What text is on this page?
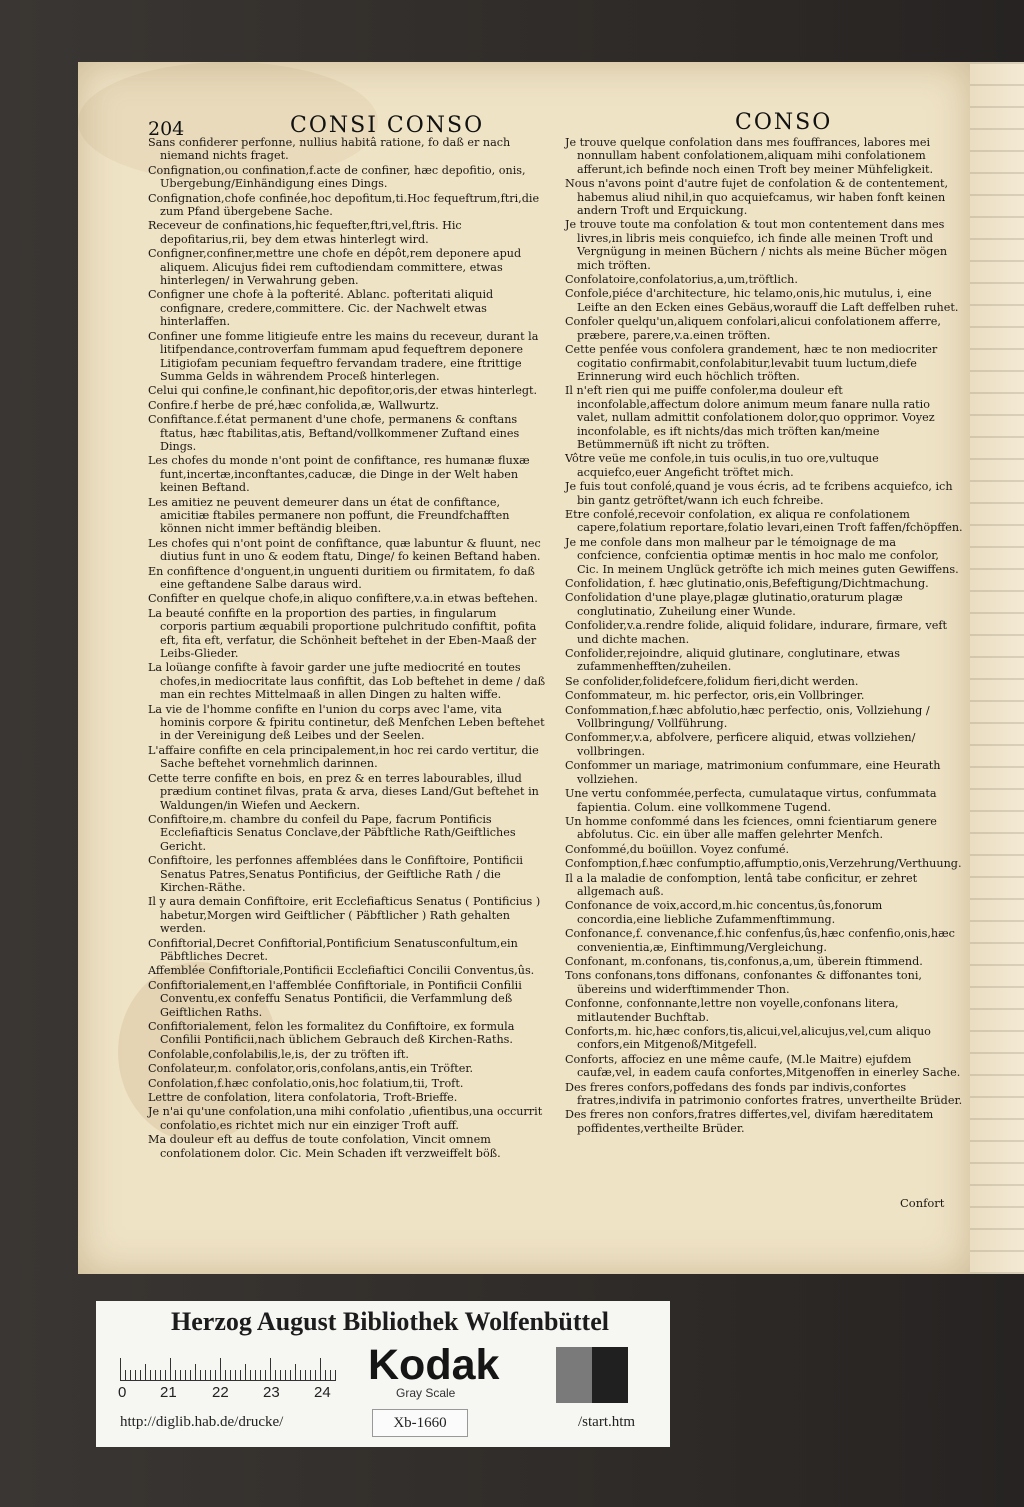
204	CONSI CONSO	CONSO
Sans confiderer perfonne, nullius habitâ ratione, fo daß er nach niemand nichts fraget.
Confignation,ou confination,f.acte de confiner, hæc depofitio, onis, Ubergebung/Einhändigung eines Dings.
Confignation,chofe confinée,hoc depofitum,ti.Hoc fequeftrum,ftri,die zum Pfand übergebene Sache.
Receveur de confinations,hic fequefter,ftri,vel,ftris. Hic depofitarius,rii, bey dem etwas hinterlegt wird.
Configner,confiner,mettre une chofe en dépôt,rem deponere apud aliquem. Alicujus fidei rem cuftodiendam committere, etwas hinterlegen/ in Verwahrung geben.
Configner une chofe à la pofterité. Ablanc. pofteritati aliquid confignare, credere,committere. Cic. der Nachwelt etwas hinterlaffen.
Confiner une fomme litigieufe entre les mains du receveur, durant la litifpendance,controverfam fummam apud fequeftrem deponere Litigiofam pecuniam fequeftro fervandam tradere, eine ftrittige Summa Gelds in währendem Proceß hinterlegen.
Celui qui confine,le confinant,hic depofitor,oris,der etwas hinterlegt.
Confire.f herbe de pré,hæc confolida,æ, Wallwurtz.
Confiftance.f.état permanent d'une chofe, permanens & conftans ftatus, hæc ftabilitas,atis, Beftand/vollkommener Zuftand eines Dings.
Les chofes du monde n'ont point de confiftance, res humanæ fluxæ funt,incertæ,inconftantes,caducæ, die Dinge in der Welt haben keinen Beftand.
Les amitiez ne peuvent demeurer dans un état de confiftance, amicitiæ ftabiles permanere non poffunt, die Freundfchafften können nicht immer beftändig bleiben.
Les chofes qui n'ont point de confiftance, quæ labuntur & fluunt, nec diutius funt in uno & eodem ftatu, Dinge/ fo keinen Beftand haben.
En confiftence d'onguent,in unguenti duritiem ou firmitatem, fo daß eine geftandene Salbe daraus wird.
Confifter en quelque chofe,in aliquo confiftere,v.a.in etwas beftehen.
La beauté confifte en la proportion des parties, in fingularum corporis partium æquabili proportione pulchritudo confiftit, pofita eft, fita eft, verfatur, die Schönheit beftehet in der Eben-Maaß der Leibs-Glieder.
La loüange confifte à favoir garder une jufte mediocrité en toutes chofes,in mediocritate laus confiftit, das Lob beftehet in deme / daß man ein rechtes Mittelmaaß in allen Dingen zu halten wiffe.
La vie de l'homme confifte en l'union du corps avec l'ame, vita hominis corpore & fpiritu continetur, deß Menfchen Leben beftehet in der Vereinigung deß Leibes und der Seelen.
L'affaire confifte en cela principalement,in hoc rei cardo vertitur, die Sache beftehet vornehmlich darinnen.
Cette terre confifte en bois, en prez & en terres labourables, illud prædium continet filvas, prata & arva, dieses Land/Gut beftehet in Waldungen/in Wiefen und Aeckern.
Confiftoire,m. chambre du confeil du Pape, facrum Pontificis Ecclefiafticis Senatus Conclave,der Päbftliche Rath/Geiftliches Gericht.
Confiftoire, les perfonnes affemblées dans le Confiftoire, Pontificii Senatus Patres,Senatus Pontificius, der Geiftliche Rath / die Kirchen-Räthe.
Il y aura demain Confiftoire, erit Ecclefiafticus Senatus ( Pontificius ) habetur,Morgen wird Geiftlicher ( Päbftlicher ) Rath gehalten werden.
Confiftorial,Decret Confiftorial,Pontificium Senatusconfultum,ein Päbftliches Decret.
Affemblée Confiftoriale,Pontificii Ecclefiaftici Concilii Conventus,ûs.
Confiftorialement,en l'affemblée Confiftoriale, in Pontificii Confilii Conventu,ex confeffu Senatus Pontificii, die Verfammlung deß Geiftlichen Raths.
Confiftorialement, felon les formalitez du Confiftoire, ex formula Confilii Pontificii,nach üblichem Gebrauch deß Kirchen-Raths.
Confolable,confolabilis,le,is, der zu tröften ift.
Confolateur,m. confolator,oris,confolans,antis,ein Tröfter.
Confolation,f.hæc confolatio,onis,hoc folatium,tii, Troft.
Lettre de confolation, litera confolatoria, Troft-Brieffe.
Je n'ai qu'une confolation,una mihi confolatio ,ufientibus,una occurrit confolatio,es richtet mich nur ein einziger Troft auff.
Ma douleur eft au deffus de toute confolation, Vincit omnem confolationem dolor. Cic. Mein Schaden ift verzweiffelt böß.
Je trouve quelque confolation dans mes fouffrances, labores mei nonnullam habent confolationem,aliquam mihi confolationem afferunt,ich befinde noch einen Troft bey meiner Mühfeligkeit.
Nous n'avons point d'autre fujet de confolation & de contentement, habemus aliud nihil,in quo acquiefcamus, wir haben fonft keinen andern Troft und Erquickung.
Je trouve toute ma confolation & tout mon contentement dans mes livres,in libris meis conquiefco, ich finde alle meinen Troft und Vergnügung in meinen Büchern / nichts als meine Bücher mögen mich tröften.
Confolatoire,confolatorius,a,um,tröftlich.
Confole,piéce d'architecture, hic telamo,onis,hic mutulus, i, eine Leifte an den Ecken eines Gebäus,worauff die Laft deffelben ruhet.
Confoler quelqu'un,aliquem confolari,alicui confolationem afferre, præbere, parere,v.a.einen tröften.
Cette penfée vous confolera grandement, hæc te non mediocriter cogitatio confirmabit,confolabitur,levabit tuum luctum,diefe Erinnerung wird euch höchlich tröften.
Il n'eft rien qui me puiffe confoler,ma douleur eft inconfolable,affectum dolore animum meum fanare nulla ratio valet, nullam admittit confolationem dolor,quo opprimor. Voyez inconfolable, es ift nichts/das mich tröften kan/meine Betümmernüß ift nicht zu tröften.
Vôtre veüe me confole,in tuis oculis,in tuo ore,vultuque acquiefco,euer Angeficht tröftet mich.
Je fuis tout confolé,quand je vous écris, ad te fcribens acquiefco, ich bin gantz getröftet/wann ich euch fchreibe.
Etre confolé,recevoir confolation, ex aliqua re confolationem capere,folatium reportare,folatio levari,einen Troft faffen/fchöpffen.
Je me confole dans mon malheur par le témoignage de ma confcience, confcientia optimæ mentis in hoc malo me confolor, Cic. In meinem Unglück getröfte ich mich meines guten Gewiffens.
Confolidation, f. hæc glutinatio,onis,Befeftigung/Dichtmachung.
Confolidation d'une playe,plagæ glutinatio,oraturum plagæ conglutinatio, Zuheilung einer Wunde.
Confolider,v.a.rendre folide, aliquid folidare, indurare, firmare, veft und dichte machen.
Confolider,rejoindre, aliquid glutinare, conglutinare, etwas zufammenhefften/zuheilen.
Se confolider,folidefcere,folidum fieri,dicht werden.
Confommateur, m. hic perfector, oris,ein Vollbringer.
Confommation,f.hæc abfolutio,hæc perfectio, onis, Vollziehung / Vollbringung/ Vollführung.
Confommer,v.a, abfolvere, perficere aliquid, etwas vollziehen/ vollbringen.
Confommer un mariage, matrimonium confummare, eine Heurath vollziehen.
Une vertu confommée,perfecta, cumulataque virtus, confummata fapientia. Colum. eine vollkommene Tugend.
Un homme confommé dans les fciences, omni fcientiarum genere abfolutus. Cic. ein über alle maffen gelehrter Menfch.
Confommé,du boüillon. Voyez confumé.
Confomption,f.hæc confumptio,affumptio,onis,Verzehrung/Verthuung.
Il a la maladie de confomption, lentâ tabe conficitur, er zehret allgemach auß.
Confonance de voix,accord,m.hic concentus,ûs,fonorum concordia,eine liebliche Zufammenftimmung.
Confonance,f. convenance,f.hic confenfus,ûs,hæc confenfio,onis,hæc convenientia,æ, Einftimmung/Vergleichung.
Confonant, m.confonans, tis,confonus,a,um, überein ftimmend.
Tons confonans,tons diffonans, confonantes & diffonantes toni, übereins und widerftimmender Thon.
Confonne, confonnante,lettre non voyelle,confonans litera, mitlautender Buchftab.
Conforts,m. hic,hæc confors,tis,alicui,vel,alicujus,vel,cum aliquo confors,ein Mitgenoß/Mitgefell.
Conforts, affociez en une même caufe, (M.le Maitre) ejufdem caufæ,vel, in eadem caufa confortes,Mitgenoffen in einerley Sache.
Des freres confors,poffedans des fonds par indivis,confortes fratres,indivifa in patrimonio confortes fratres, unvertheilte Brüder.
Des freres non confors,fratres differtes,vel, divifam hæreditatem poffidentes,vertheilte Brüder.
Confort
Herzog August Bibliothek Wolfenbüttel
0 21 22 23 24
Kodak
Gray Scale
http://diglib.hab.de/drucke/	Xb-1660	/start.htm
